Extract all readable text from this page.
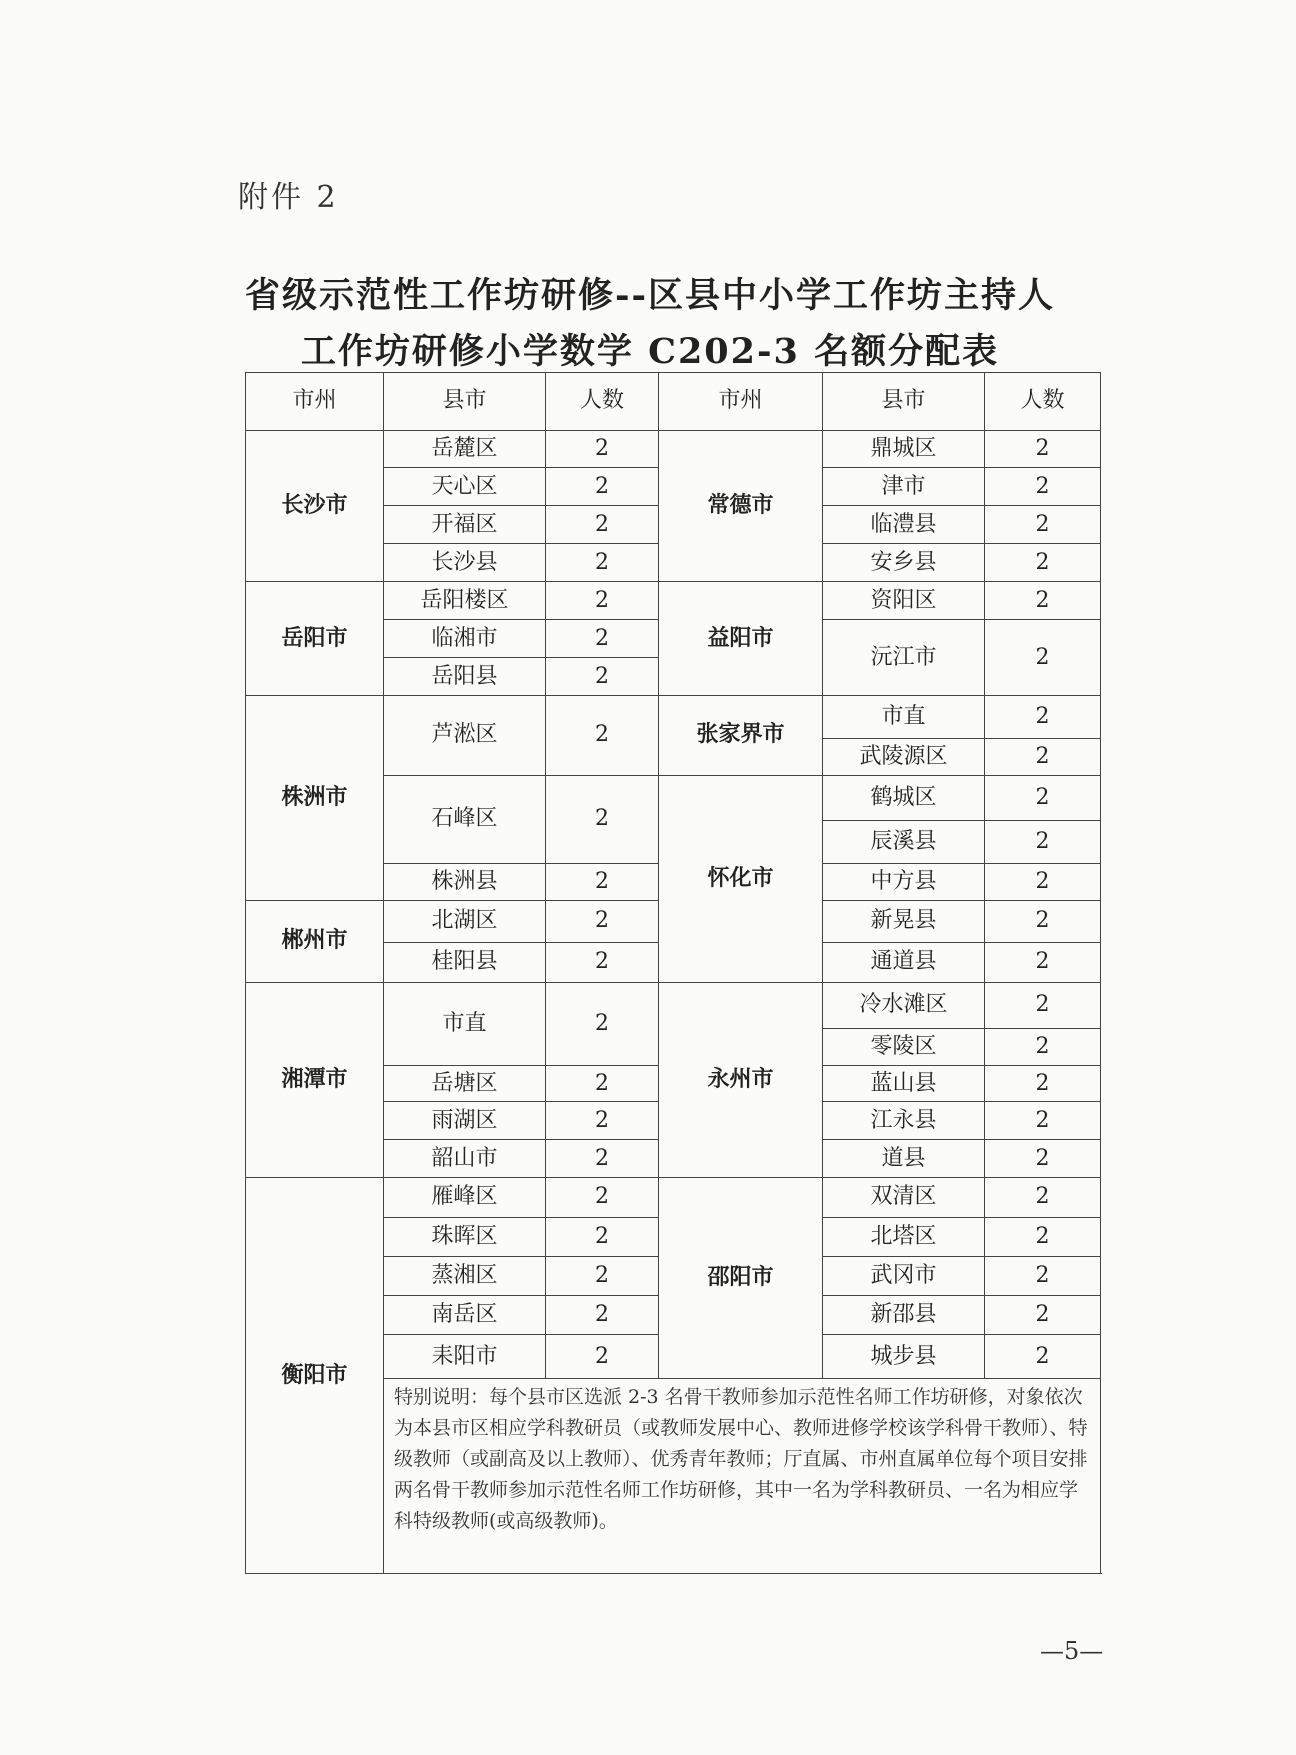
附件 2
省级示范性工作坊研修--区县中小学工作坊主持人
工作坊研修小学数学 C202-3 名额分配表
市州	县市	人数	市州	县市	人数
长沙市	岳麓区	2	常德市	鼎城区	2
	天心区	2		津市	2
	开福区	2		临澧县	2
	长沙县	2		安乡县	2
岳阳市	岳阳楼区	2	益阳市	资阳区	2
	临湘市	2		沅江市	2
	岳阳县	2			
株洲市	芦淞区	2	张家界市	市直	2
				武陵源区	2
	石峰区	2	怀化市	鹤城区	2
				辰溪县	2
	株洲县	2		中方县	2
郴州市	北湖区	2		新晃县	2
	桂阳县	2		通道县	2
湘潭市	市直	2	永州市	冷水滩区	2
				零陵区	2
	岳塘区	2		蓝山县	2
	雨湖区	2		江永县	2
	韶山市	2		道县	2
衡阳市	雁峰区	2	邵阳市	双清区	2
	珠晖区	2		北塔区	2
	蒸湘区	2		武冈市	2
	南岳区	2		新邵县	2
	耒阳市	2		城步县	2
	特别说明：每个县市区选派 2-3 名骨干教师参加示范性名师工作坊研修，对象依次为本县市区相应学科教研员（或教师发展中心、教师进修学校该学科骨干教师）、特级教师（或副高及以上教师）、优秀青年教师；厅直属、市州直属单位每个项目安排两名骨干教师参加示范性名师工作坊研修，其中一名为学科教研员、一名为相应学科特级教师(或高级教师)。				
—5—
